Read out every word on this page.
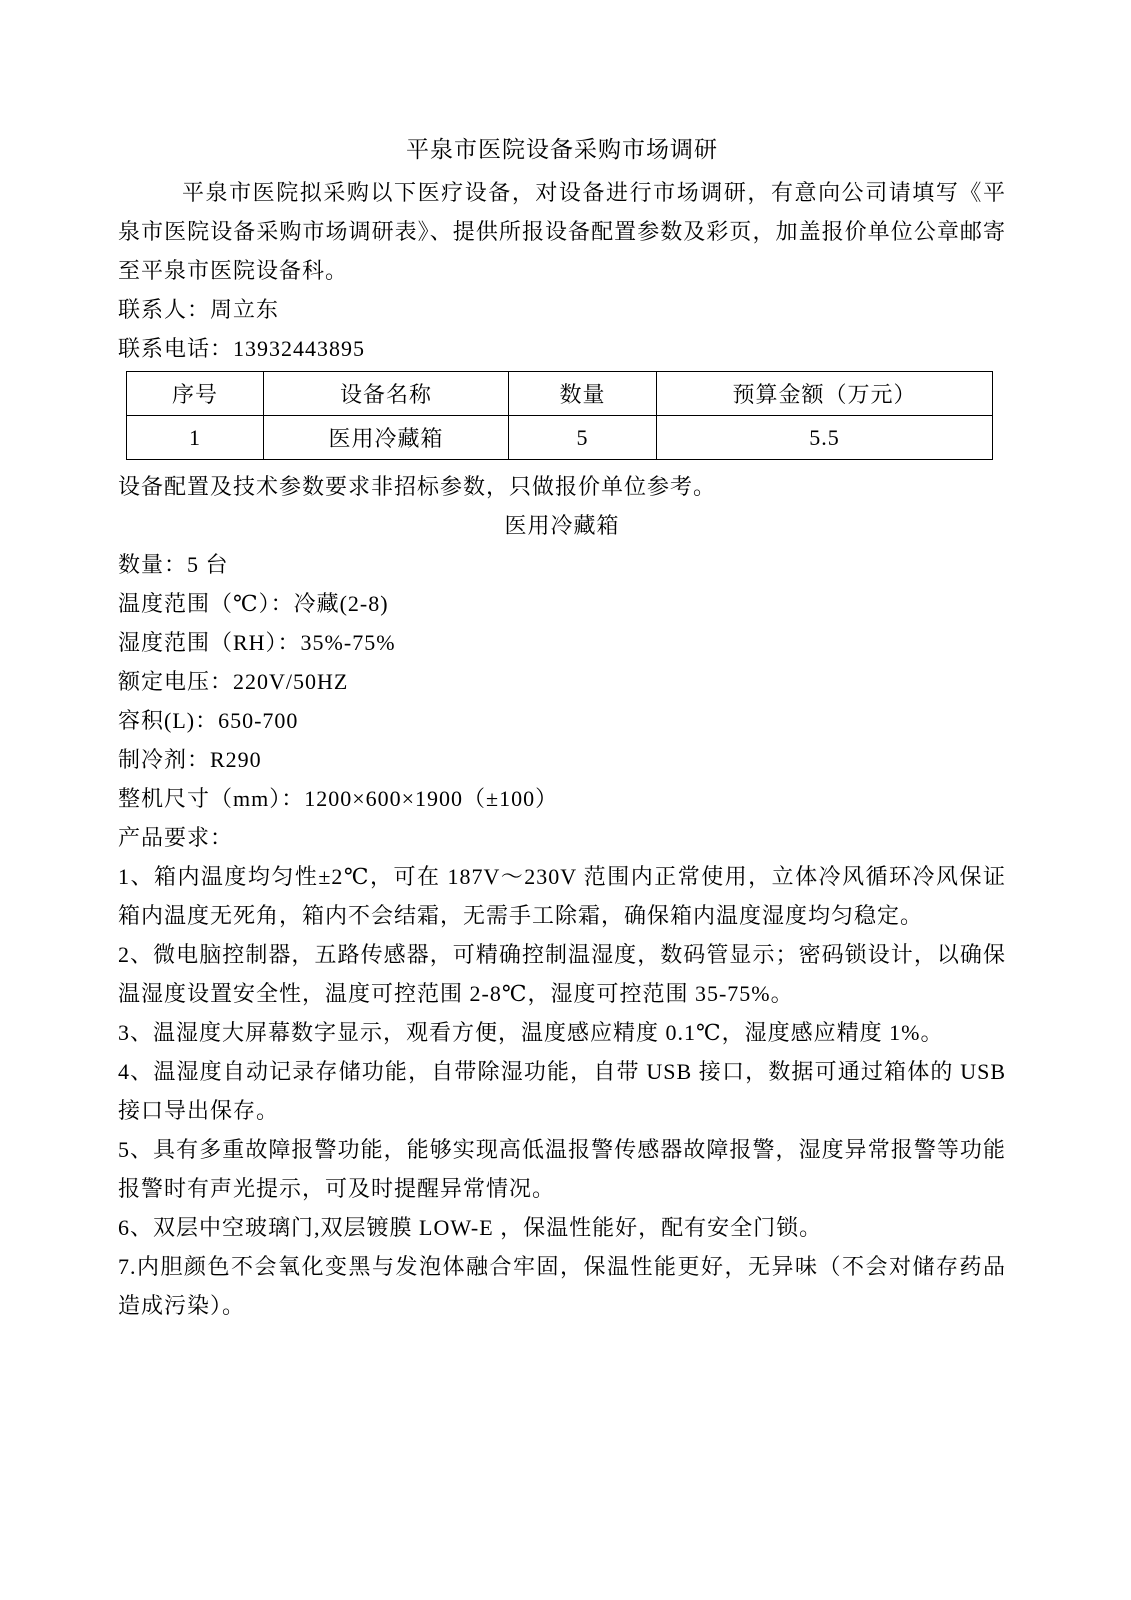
平泉市医院设备采购市场调研

平泉市医院拟采购以下医疗设备，对设备进行市场调研，有意向公司请填写《平泉市医院设备采购市场调研表》、提供所报设备配置参数及彩页，加盖报价单位公章邮寄至平泉市医院设备科。

联系人：周立东

联系电话：13932443895

序号	设备名称	数量	预算金额（万元）
1	医用冷藏箱	5	5.5

设备配置及技术参数要求非招标参数，只做报价单位参考。

医用冷藏箱

数量：5 台

温度范围（℃）：冷藏(2-8)

湿度范围（RH）：35%-75%

额定电压：220V/50HZ

容积(L)：650-700

制冷剂：R290

整机尺寸（mm）：1200×600×1900（±100）

产品要求：

1、箱内温度均匀性±2℃，可在 187V～230V 范围内正常使用，立体冷风循环冷风保证箱内温度无死角，箱内不会结霜，无需手工除霜，确保箱内温度湿度均匀稳定。

2、微电脑控制器，五路传感器，可精确控制温湿度，数码管显示；密码锁设计，以确保温湿度设置安全性，温度可控范围 2-8℃，湿度可控范围 35-75%。

3、温湿度大屏幕数字显示，观看方便，温度感应精度 0.1℃，湿度感应精度 1%。

4、温湿度自动记录存储功能，自带除湿功能，自带 USB 接口，数据可通过箱体的 USB 接口导出保存。

5、具有多重故障报警功能，能够实现高低温报警传感器故障报警，湿度异常报警等功能报警时有声光提示，可及时提醒异常情况。

6、双层中空玻璃门,双层镀膜 LOW-E ，保温性能好，配有安全门锁。

7.内胆颜色不会氧化变黑与发泡体融合牢固，保温性能更好，无异味（不会对储存药品造成污染）。
